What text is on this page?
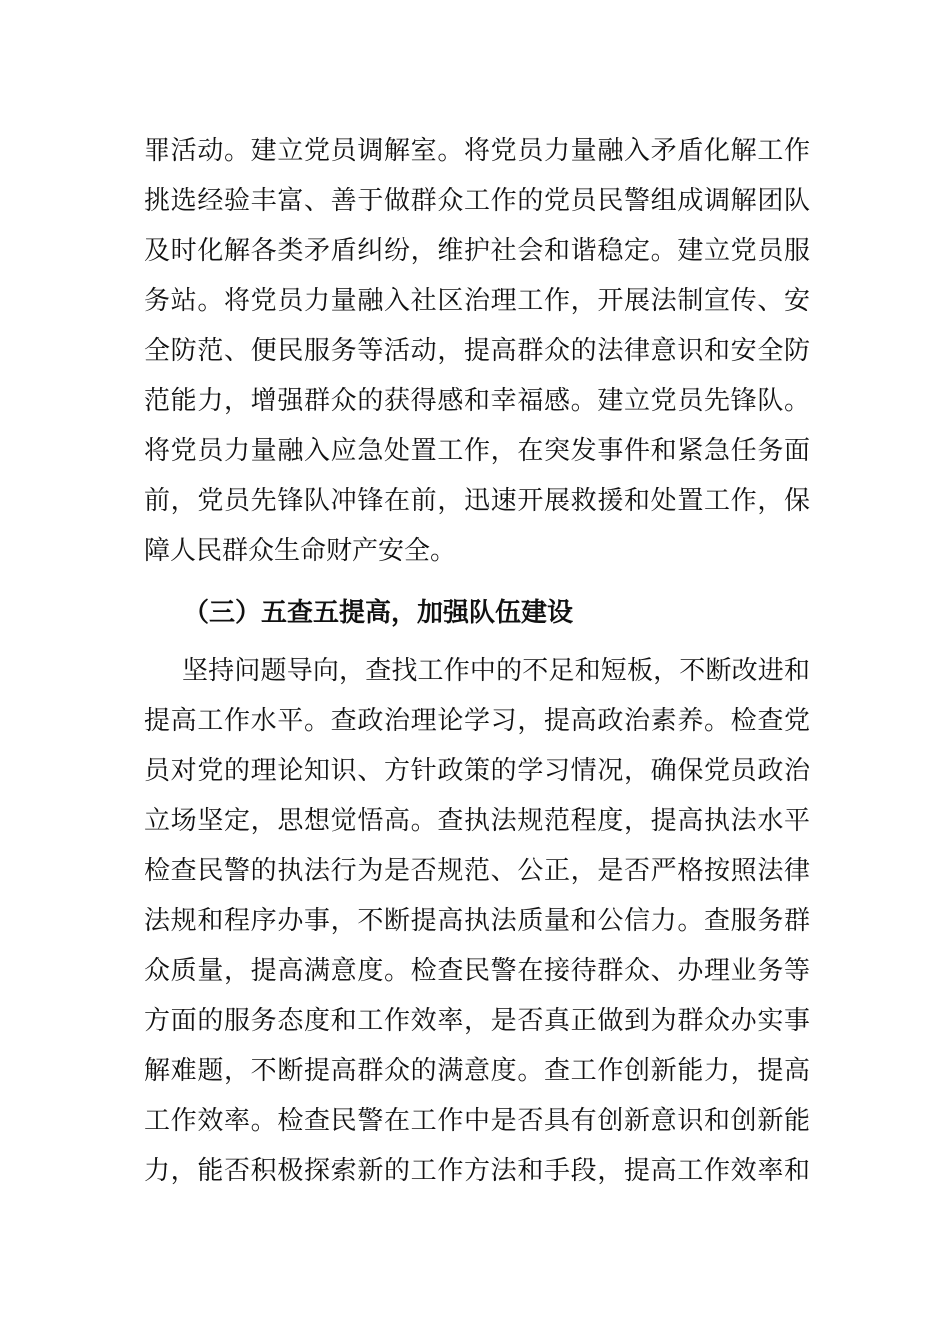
罪活动。建立党员调解室。将党员力量融入矛盾化解工作
挑选经验丰富、善于做群众工作的党员民警组成调解团队
及时化解各类矛盾纠纷，维护社会和谐稳定。建立党员服
务站。将党员力量融入社区治理工作，开展法制宣传、安
全防范、便民服务等活动，提高群众的法律意识和安全防
范能力，增强群众的获得感和幸福感。建立党员先锋队。
将党员力量融入应急处置工作，在突发事件和紧急任务面
前，党员先锋队冲锋在前，迅速开展救援和处置工作，保
障人民群众生命财产安全。
（三）五查五提高，加强队伍建设
坚持问题导向，查找工作中的不足和短板，不断改进和
提高工作水平。查政治理论学习，提高政治素养。检查党
员对党的理论知识、方针政策的学习情况，确保党员政治
立场坚定，思想觉悟高。查执法规范程度，提高执法水平
检查民警的执法行为是否规范、公正，是否严格按照法律
法规和程序办事，不断提高执法质量和公信力。查服务群
众质量，提高满意度。检查民警在接待群众、办理业务等
方面的服务态度和工作效率，是否真正做到为群众办实事
解难题，不断提高群众的满意度。查工作创新能力，提高
工作效率。检查民警在工作中是否具有创新意识和创新能
力，能否积极探索新的工作方法和手段，提高工作效率和
